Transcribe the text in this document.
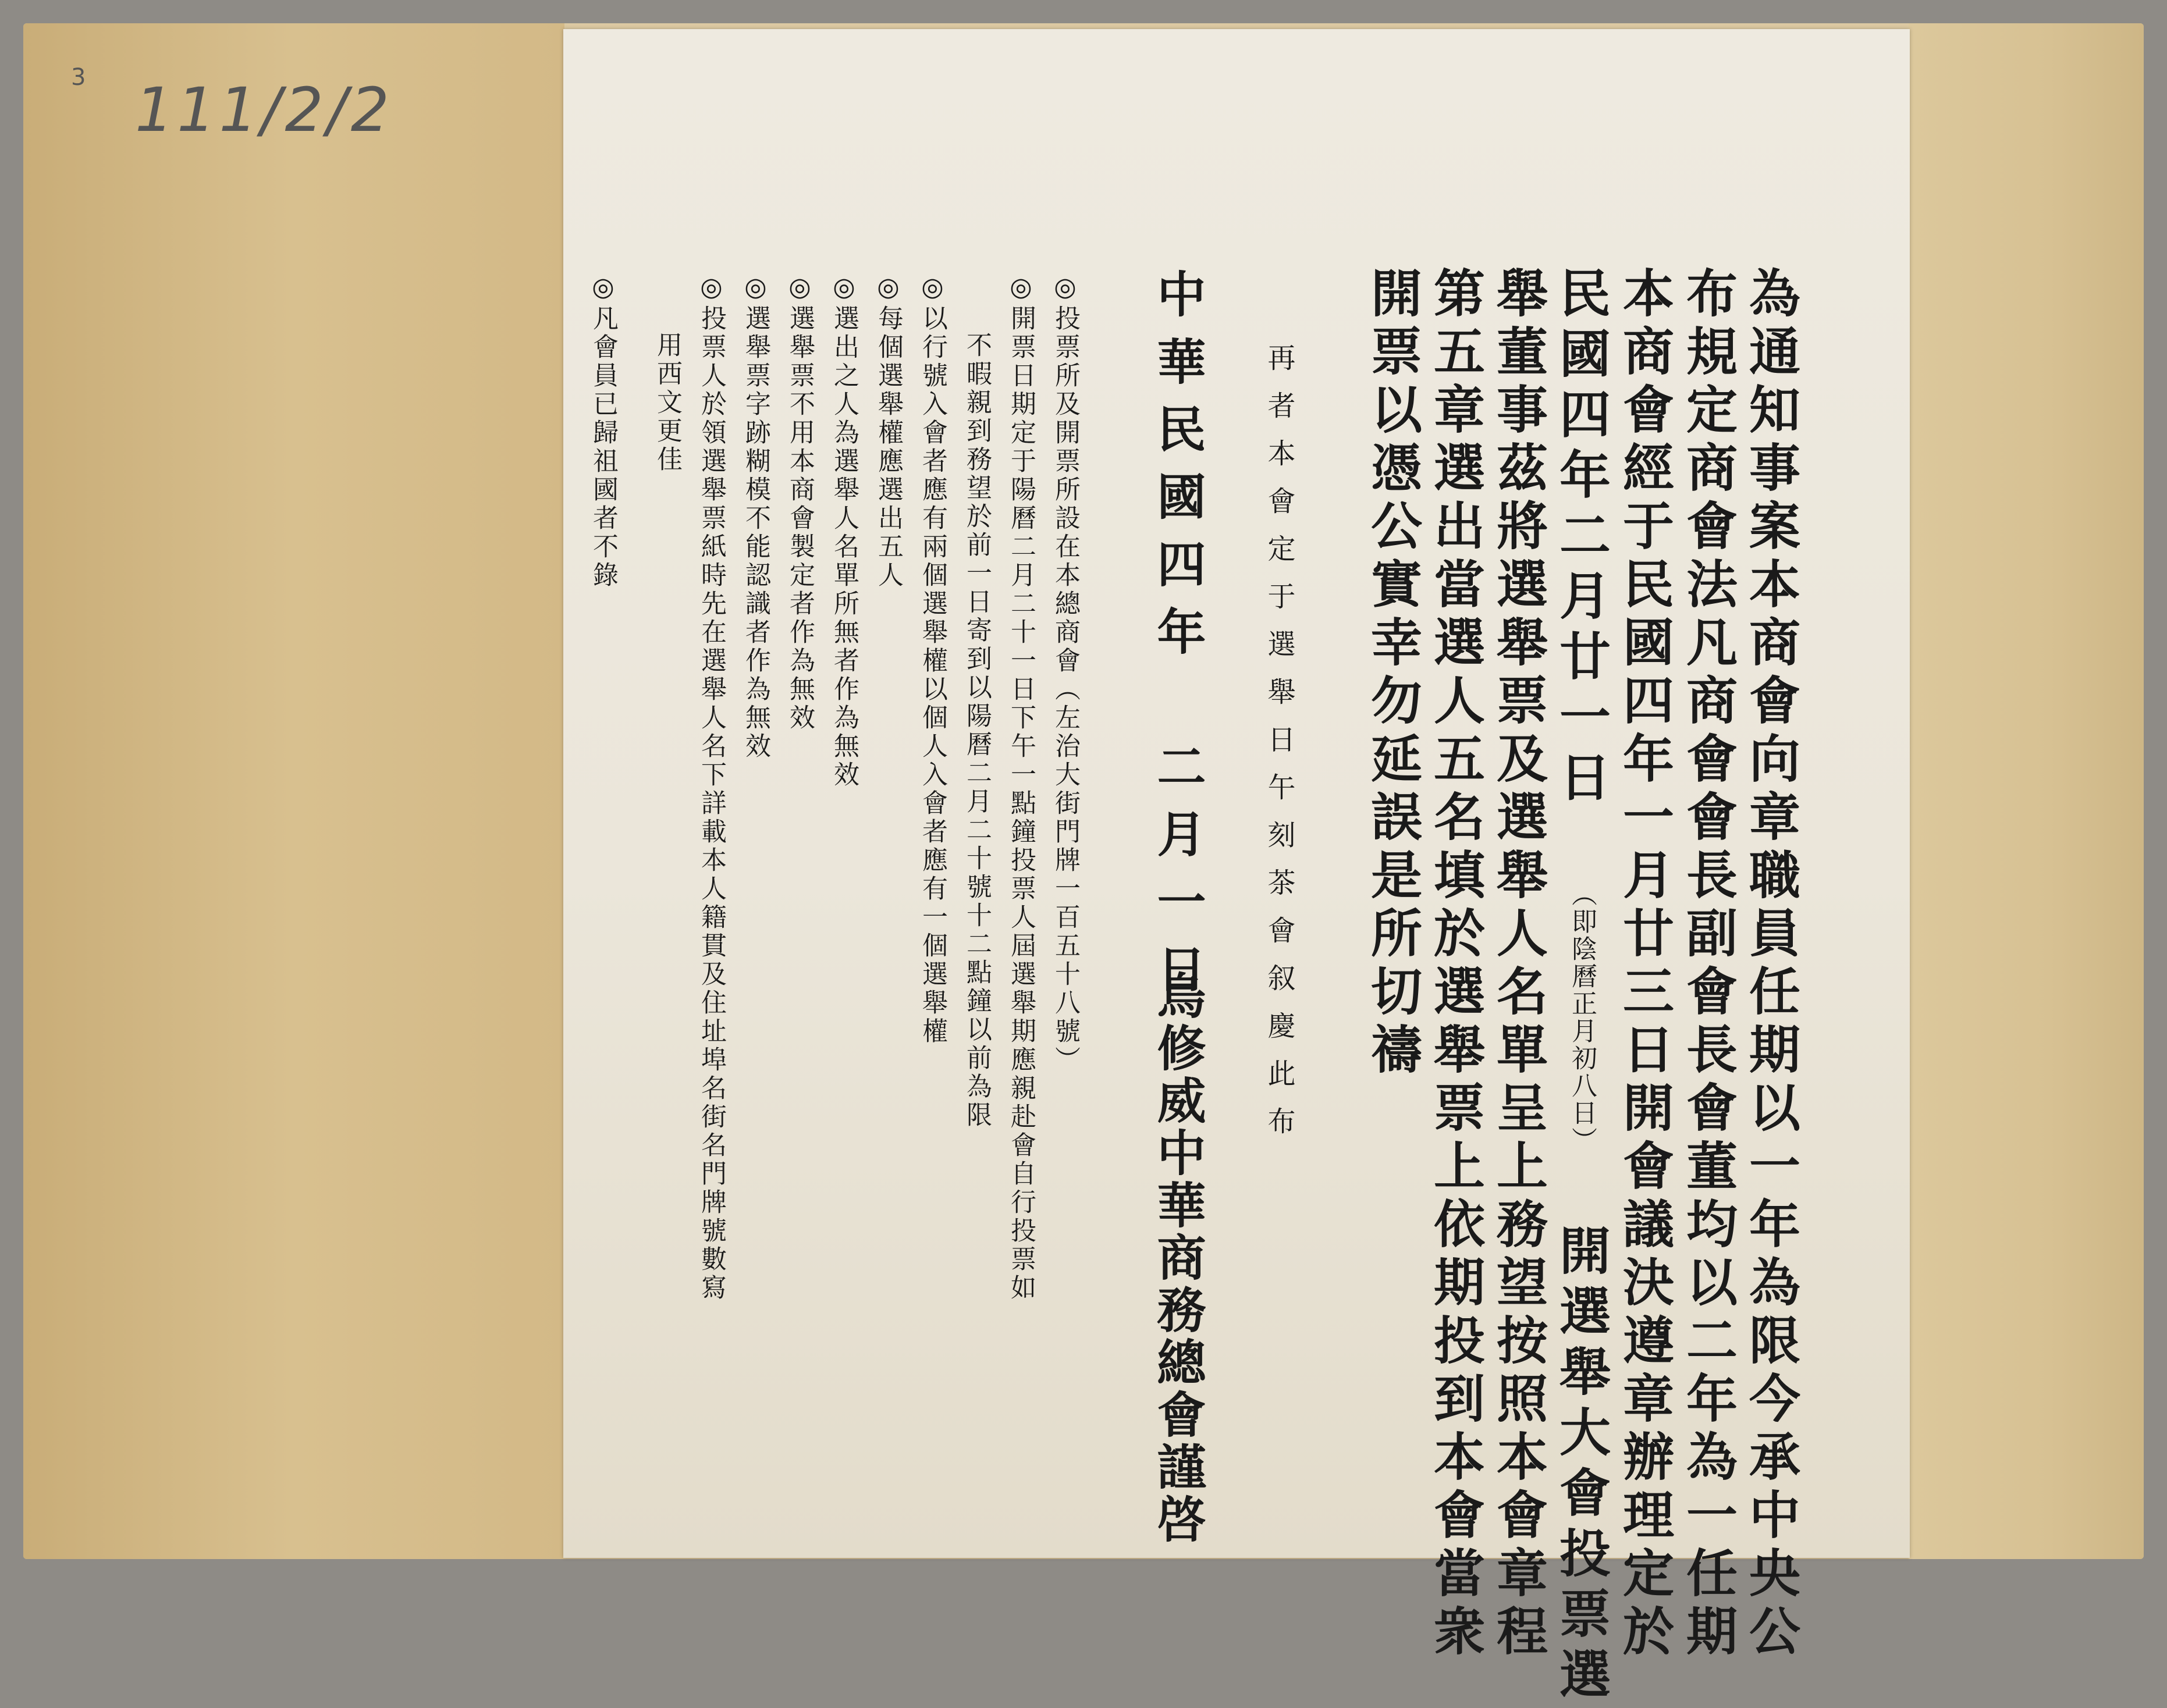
3 111/2/2
為通知事案本商會向章職員任期以一年為限今承中央公
布規定商會法凡商會會長副會長會董均以二年為一任期
本商會經于民國四年一月廿三日開會議決遵章辦理定於
民國四年二月廿一日 （即陰曆正月初八日） 開選舉大會投票選
舉董事茲將選舉票及選舉人名單呈上務望按照本會章程
第五章選出當選人五名填於選舉票上依期投到本會當衆
開票以憑公實幸勿延誤是所切禱
再者本會定于選舉日午刻茶會叙慶此布
中華民國四年　二月一日
烏修威中華商務總會謹啓
◎投票所及開票所設在本總商會（左治大街門牌一百五十八號）
◎開票日期定于陽曆二月二十一日下午一點鐘投票人屆選舉期應親赴會自行投票如
不暇親到務望於前一日寄到以陽曆二月二十號十二點鐘以前為限
◎以行號入會者應有兩個選舉權以個人入會者應有一個選舉權
◎每個選舉權應選出五人
◎選出之人為選舉人名單所無者作為無效
◎選舉票不用本商會製定者作為無效
◎選舉票字跡糊模不能認識者作為無效
◎投票人於領選舉票紙時先在選舉人名下詳載本人籍貫及住址埠名街名門牌號數寫
用西文更佳
◎凡會員已歸祖國者不錄
